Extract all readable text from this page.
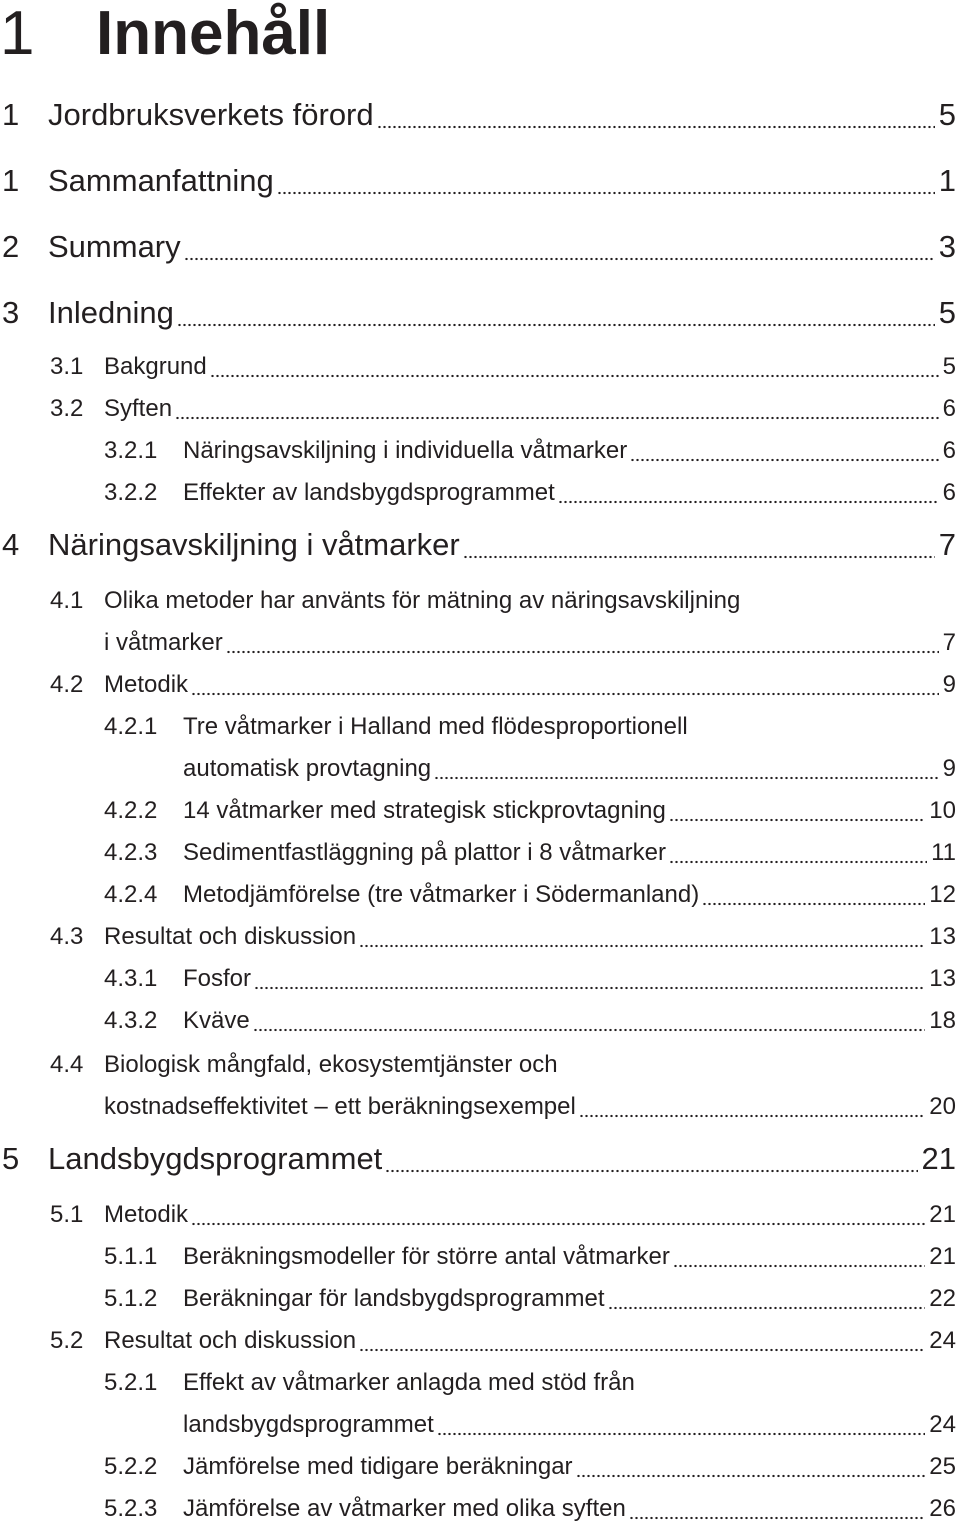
1 Innehåll
1 Jordbruksverkets förord	5
1 Sammanfattning	1
2 Summary	3
3 Inledning	5
3.1 Bakgrund	5
3.2 Syften	6
3.2.1	Näringsavskiljning i individuella våtmarker	6
3.2.2	Effekter av landsbygdsprogrammet	6
4 Näringsavskiljning i våtmarker	7
4.1 Olika metoder har använts för mätning av näringsavskiljning
i våtmarker	7
4.2 Metodik	9
4.2.1	Tre våtmarker i Halland med flödesproportionell
automatisk provtagning	9
4.2.2	14 våtmarker med strategisk stickprovtagning	10
4.2.3	Sedimentfastläggning på plattor i 8 våtmarker	11
4.2.4	Metodjämförelse (tre våtmarker i Södermanland)	12
4.3 Resultat och diskussion	13
4.3.1	Fosfor	13
4.3.2	Kväve	18
4.4 Biologisk mångfald, ekosystemtjänster och
kostnadseffektivitet – ett beräkningsexempel	20
5 Landsbygdsprogrammet	21
5.1 Metodik	21
5.1.1	Beräkningsmodeller för större antal våtmarker	21
5.1.2	Beräkningar för landsbygdsprogrammet	22
5.2 Resultat och diskussion	24
5.2.1	Effekt av våtmarker anlagda med stöd från
landsbygdsprogrammet	24
5.2.2	Jämförelse med tidigare beräkningar	25
5.2.3	Jämförelse av våtmarker med olika syften	26
